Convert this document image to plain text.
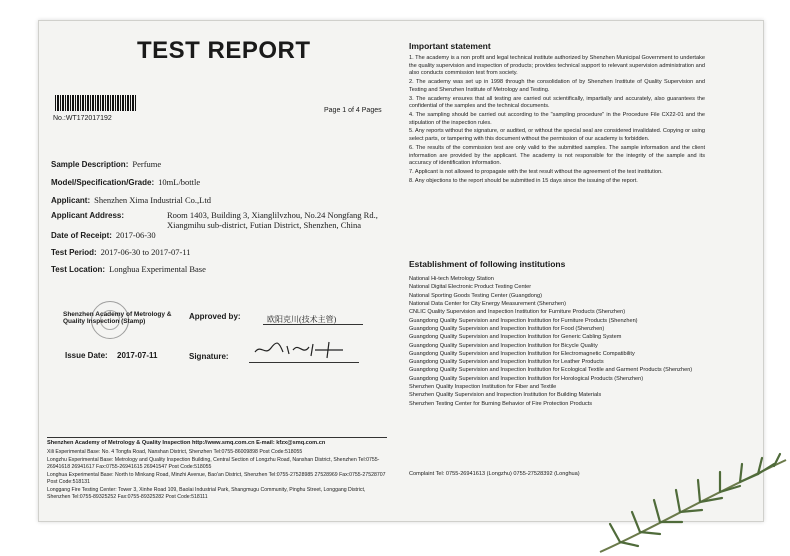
TEST REPORT
No.:WT172017192
Page 1 of 4 Pages
Sample Description: Perfume
Model/Specification/Grade: 10mL/bottle
Applicant: Shenzhen Xima Industrial Co.,Ltd
Applicant Address:	Room 1403, Building 3, Xianglilvzhou, No.24 Nongfang Rd., Xiangmihu sub-district, Futian District, Shenzhen, China
Date of Receipt: 2017-06-30
Test Period: 2017-06-30 to 2017-07-11
Test Location: Longhua Experimental Base
Shenzhen Academy of Metrology & Quality Inspection (Stamp)
Approved by:	欧阳克川(技术主管)
Issue Date: 2017-07-11	Signature:
Shenzhen Academy of Metrology & Quality Inspection http://www.smq.com.cn E-mail: kfzx@smq.com.cn
Xili Experimental Base: No. 4 Tongfa Road, Nanshan District, Shenzhen Tel:0755-86009898 Post Code:518055
Longzhu Experimental Base: Metrology and Quality Inspection Building, Central Section of Longzhu Road, Nanshan District, Shenzhen Tel:0755-26941618 26941617 Fax:0755-26941615 26941547 Post Code:518055
Longhua Experimental Base: North to Minkang Road, Minzhi Avenue, Bao'an District, Shenzhen Tel:0755-27528985 27528969 Fax:0755-27528707 Post Code:518131
Longgang Fire Testing Center: Tower 3, Xinhe Road 109, Baolai Industrial Park, Shangmugu Community, Pinghu Street, Longgang District, Shenzhen Tel:0755-89325252 Fax:0755-89325282 Post Code:518111
Important statement

1. The academy is a non profit and legal technical institute authorized by Shenzhen Municipal Government to undertake the quality supervision and inspection of products; provides technical support to relevant supervision administration and also conducts commission test from society.

2. The academy was set up in 1998 through the consolidation of by Shenzhen Institute of Quality Supervision and Testing and Shenzhen Institute of Metrology and Testing.

3. The academy ensures that all testing are carried out scientifically, impartially and accurately, also guarantees the confidential of the samples and the technical documents.

4. The sampling should be carried out according to the "sampling procedure" in the Procedure File CX22-01 and the stipulation of the inspection rules.

5. Any reports without the signature, or audited, or without the special seal are considered invalidated. Copying or using select parts, or tampering with this document without the permission of our academy is forbidden.

6. The results of the commission test are only valid to the submitted samples. The sample information and the client information are provided by the applicant. The academy is not responsible for the integrity of the sample and its accuracy of identification information.

7. Applicant is not allowed to propagate with the test result without the agreement of the test institution.

8. Any objections to the report should be submitted in 15 days since the issuing of the report.

Establishment of following institutions
National Hi-tech Metrology Station
National Digital Electronic Product Testing Center
National Sporting Goods Testing Center (Guangdong)
National Data Center for City Energy Measurement (Shenzhen)
CNLIC Quality Supervision and Inspection Institution for Furniture Products (Shenzhen)
Guangdong Quality Supervision and Inspection Institution for Furniture Products (Shenzhen)
Guangdong Quality Supervision and Inspection Institution for Food (Shenzhen)
Guangdong Quality Supervision and Inspection Institution for Generic Cabling System
Guangdong Quality Supervision and Inspection Institution for Bicycle Quality
Guangdong Quality Supervision and Inspection Institution for Electromagnetic Compatibility
Guangdong Quality Supervision and Inspection Institution for Leather Products
Guangdong Quality Supervision and Inspection Institution for Ecological Textile and Garment Products (Shenzhen)
Guangdong Quality Supervision and Inspection Institution for Horological Products (Shenzhen)
Shenzhen Quality Inspection Institution for Fiber and Textile
Shenzhen Quality Supervision and Inspection Institution for Building Materials
Shenzhen Testing Center for Burning Behavior of Fire Protection Products
Complaint Tel: 0755-26941613 (Longzhu) 0755-27528392 (Longhua)
